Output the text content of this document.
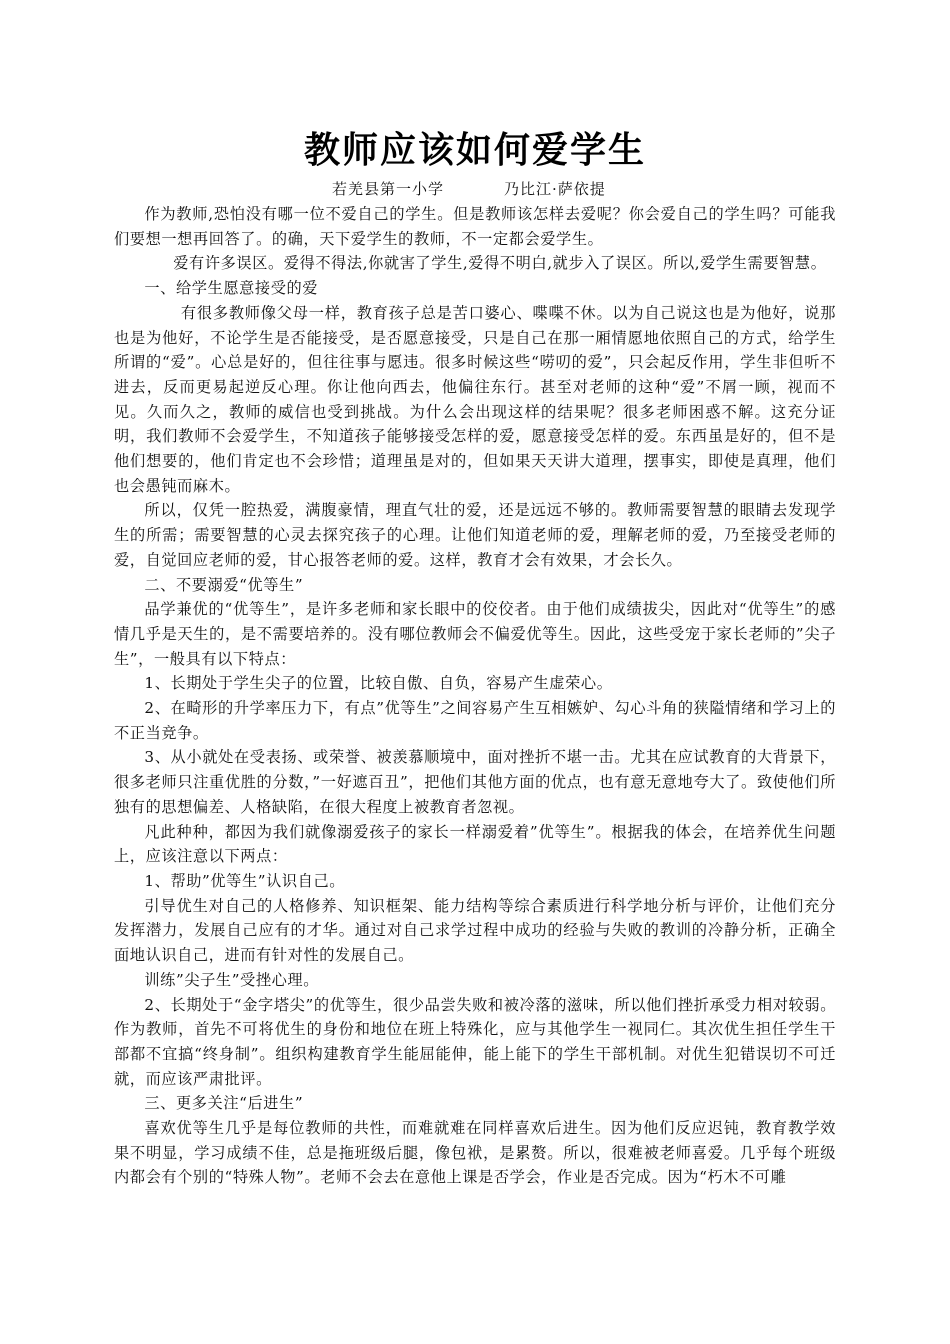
教师应该如何爱学生
若羌县第一小学	乃比江·萨依提

作为教师,恐怕没有哪一位不爱自己的学生。但是教师该怎样去爱呢？你会爱自己的学生吗？可能我们要想一想再回答了。的确，天下爱学生的教师，不一定都会爱学生。

爱有许多误区。爱得不得法,你就害了学生,爱得不明白,就步入了误区。所以,爱学生需要智慧。

一、给学生愿意接受的爱

有很多教师像父母一样，教育孩子总是苦口婆心、喋喋不休。以为自己说这也是为他好，说那也是为他好，不论学生是否能接受，是否愿意接受，只是自己在那一厢情愿地依照自己的方式，给学生所谓的“爱”。心总是好的，但往往事与愿违。很多时候这些“唠叨的爱”，只会起反作用，学生非但听不进去，反而更易起逆反心理。你让他向西去，他偏往东行。甚至对老师的这种“爱”不屑一顾，视而不见。久而久之，教师的威信也受到挑战。为什么会出现这样的结果呢？很多老师困惑不解。这充分证明，我们教师不会爱学生，不知道孩子能够接受怎样的爱，愿意接受怎样的爱。东西虽是好的，但不是他们想要的，他们肯定也不会珍惜；道理虽是对的，但如果天天讲大道理，摆事实，即使是真理，他们也会愚钝而麻木。

所以，仅凭一腔热爱，满腹豪情，理直气壮的爱，还是远远不够的。教师需要智慧的眼睛去发现学生的所需；需要智慧的心灵去探究孩子的心理。让他们知道老师的爱，理解老师的爱，乃至接受老师的爱，自觉回应老师的爱，甘心报答老师的爱。这样，教育才会有效果，才会长久。

二、不要溺爱“优等生”

品学兼优的“优等生”，是许多老师和家长眼中的佼佼者。由于他们成绩拔尖，因此对“优等生”的感情几乎是天生的，是不需要培养的。没有哪位教师会不偏爱优等生。因此，这些受宠于家长老师的”尖子生”，一般具有以下特点：

1、长期处于学生尖子的位置，比较自傲、自负，容易产生虚荣心。

2、在畸形的升学率压力下，有点”优等生”之间容易产生互相嫉妒、勾心斗角的狭隘情绪和学习上的不正当竞争。

3、从小就处在受表扬、或荣誉、被羡慕顺境中，面对挫折不堪一击。尤其在应试教育的大背景下，很多老师只注重优胜的分数，”一好遮百丑”，把他们其他方面的优点，也有意无意地夸大了。致使他们所独有的思想偏差、人格缺陷，在很大程度上被教育者忽视。

凡此种种，都因为我们就像溺爱孩子的家长一样溺爱着”优等生”。根据我的体会，在培养优生问题上，应该注意以下两点：

1、帮助”优等生”认识自己。

引导优生对自己的人格修养、知识框架、能力结构等综合素质进行科学地分析与评价，让他们充分发挥潜力，发展自己应有的才华。通过对自己求学过程中成功的经验与失败的教训的冷静分析，正确全面地认识自己，进而有针对性的发展自己。

训练”尖子生”受挫心理。

2、长期处于“金字塔尖”的优等生，很少品尝失败和被冷落的滋味，所以他们挫折承受力相对较弱。作为教师，首先不可将优生的身份和地位在班上特殊化，应与其他学生一视同仁。其次优生担任学生干部都不宜搞“终身制”。组织构建教育学生能屈能伸，能上能下的学生干部机制。对优生犯错误切不可迁就，而应该严肃批评。

三、更多关注“后进生”

喜欢优等生几乎是每位教师的共性，而难就难在同样喜欢后进生。因为他们反应迟钝，教育教学效果不明显，学习成绩不佳，总是拖班级后腿，像包袱，是累赘。所以，很难被老师喜爱。几乎每个班级内都会有个别的“特殊人物”。老师不会去在意他上课是否学会，作业是否完成。因为“朽木不可雕
